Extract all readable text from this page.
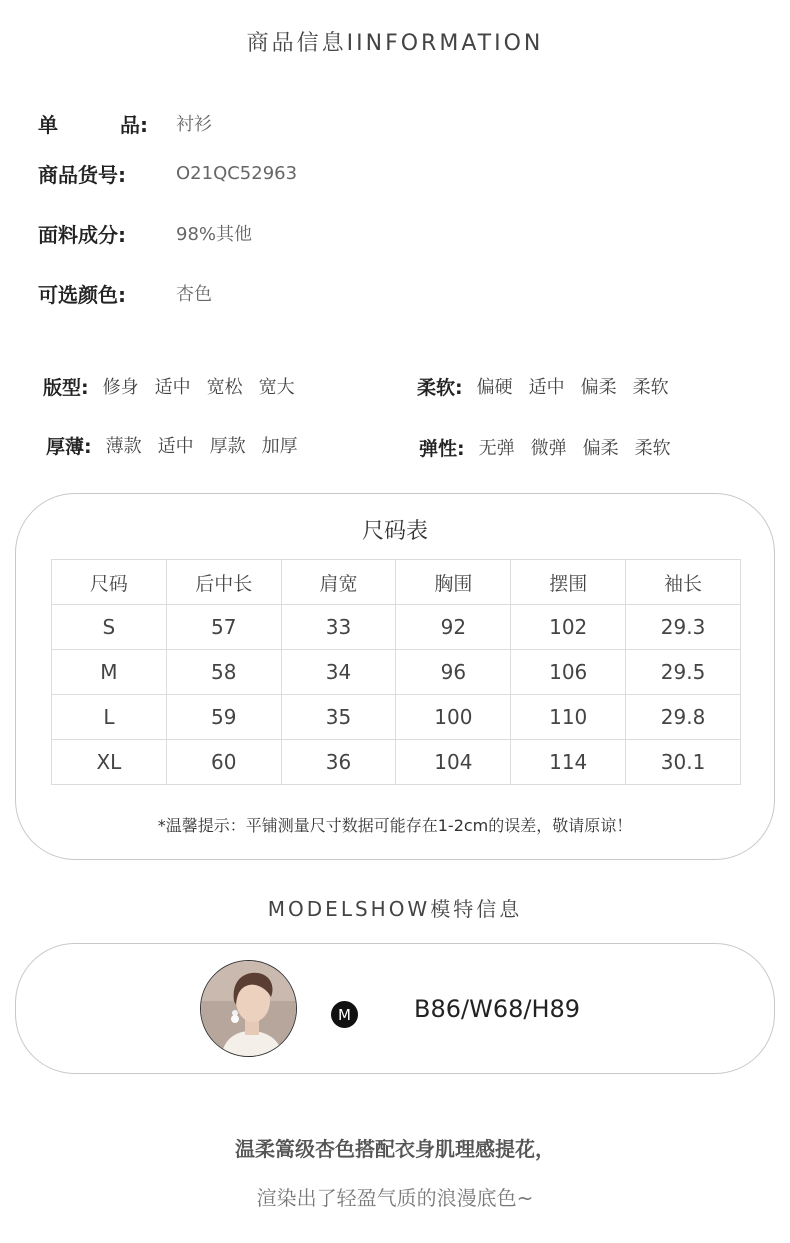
商品信息IINFORMATION
单	品: 衬衫
商品货号:	O21QC52963
面料成分:	98%其他
可选颜色:	杏色
版型: 修身 适中 宽松 宽大	柔软: 偏硬 适中 偏柔 柔软
厚薄: 薄款 适中 厚款 加厚	弹性: 无弹 微弹 偏柔 柔软
尺码表
尺码	后中长	肩宽	胸围	摆围	袖长
S	57	33	92	102	29.3
M	58	34	96	106	29.5
L	59	35	100	110	29.8
XL	60	36	104	114	30.1
*温馨提示：平铺测量尺寸数据可能存在1-2cm的误差，敬请原谅！
MODELSHOW模特信息
M	B86/W68/H89
温柔篙级杏色搭配衣身肌理感提花，
渲染出了轻盈气质的浪漫底色~
